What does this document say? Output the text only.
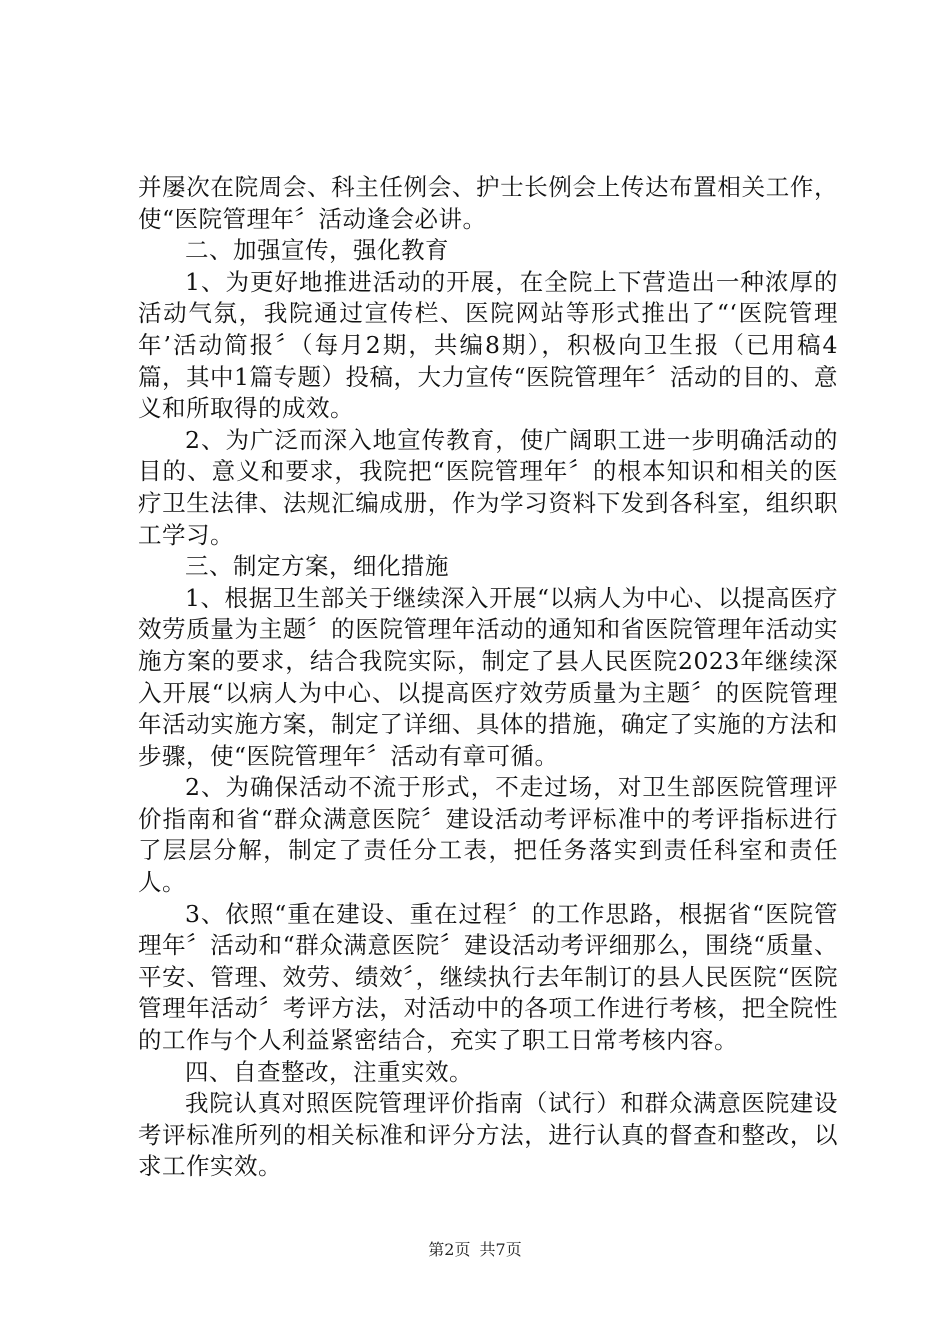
并屡次在院周会、科主任例会、护士长例会上传达布置相关工作，使“医院管理年〞活动逢会必讲。

二、加强宣传，强化教育

1、为更好地推进活动的开展，在全院上下营造出一种浓厚的活动气氛，我院通过宣传栏、医院网站等形式推出了“‘医院管理年’活动简报〞（每月2期，共编8期），积极向卫生报（已用稿4篇，其中1篇专题）投稿，大力宣传“医院管理年〞活动的目的、意义和所取得的成效。

2、为广泛而深入地宣传教育，使广阔职工进一步明确活动的目的、意义和要求，我院把“医院管理年〞的根本知识和相关的医疗卫生法律、法规汇编成册，作为学习资料下发到各科室，组织职工学习。

三、制定方案，细化措施

1、根据卫生部关于继续深入开展“以病人为中心、以提高医疗效劳质量为主题〞的医院管理年活动的通知和省医院管理年活动实施方案的要求，结合我院实际，制定了县人民医院2023年继续深入开展“以病人为中心、以提高医疗效劳质量为主题〞的医院管理年活动实施方案，制定了详细、具体的措施，确定了实施的方法和步骤，使“医院管理年〞活动有章可循。

2、为确保活动不流于形式，不走过场，对卫生部医院管理评价指南和省“群众满意医院〞建设活动考评标准中的考评指标进行了层层分解，制定了责任分工表，把任务落实到责任科室和责任人。

3、依照“重在建设、重在过程〞的工作思路，根据省“医院管理年〞活动和“群众满意医院〞建设活动考评细那么，围绕“质量、平安、管理、效劳、绩效〞，继续执行去年制订的县人民医院“医院管理年活动〞考评方法，对活动中的各项工作进行考核，把全院性的工作与个人利益紧密结合，充实了职工日常考核内容。

四、自查整改，注重实效。

我院认真对照医院管理评价指南（试行）和群众满意医院建设考评标准所列的相关标准和评分方法，进行认真的督查和整改，以求工作实效。

第2页 共7页
